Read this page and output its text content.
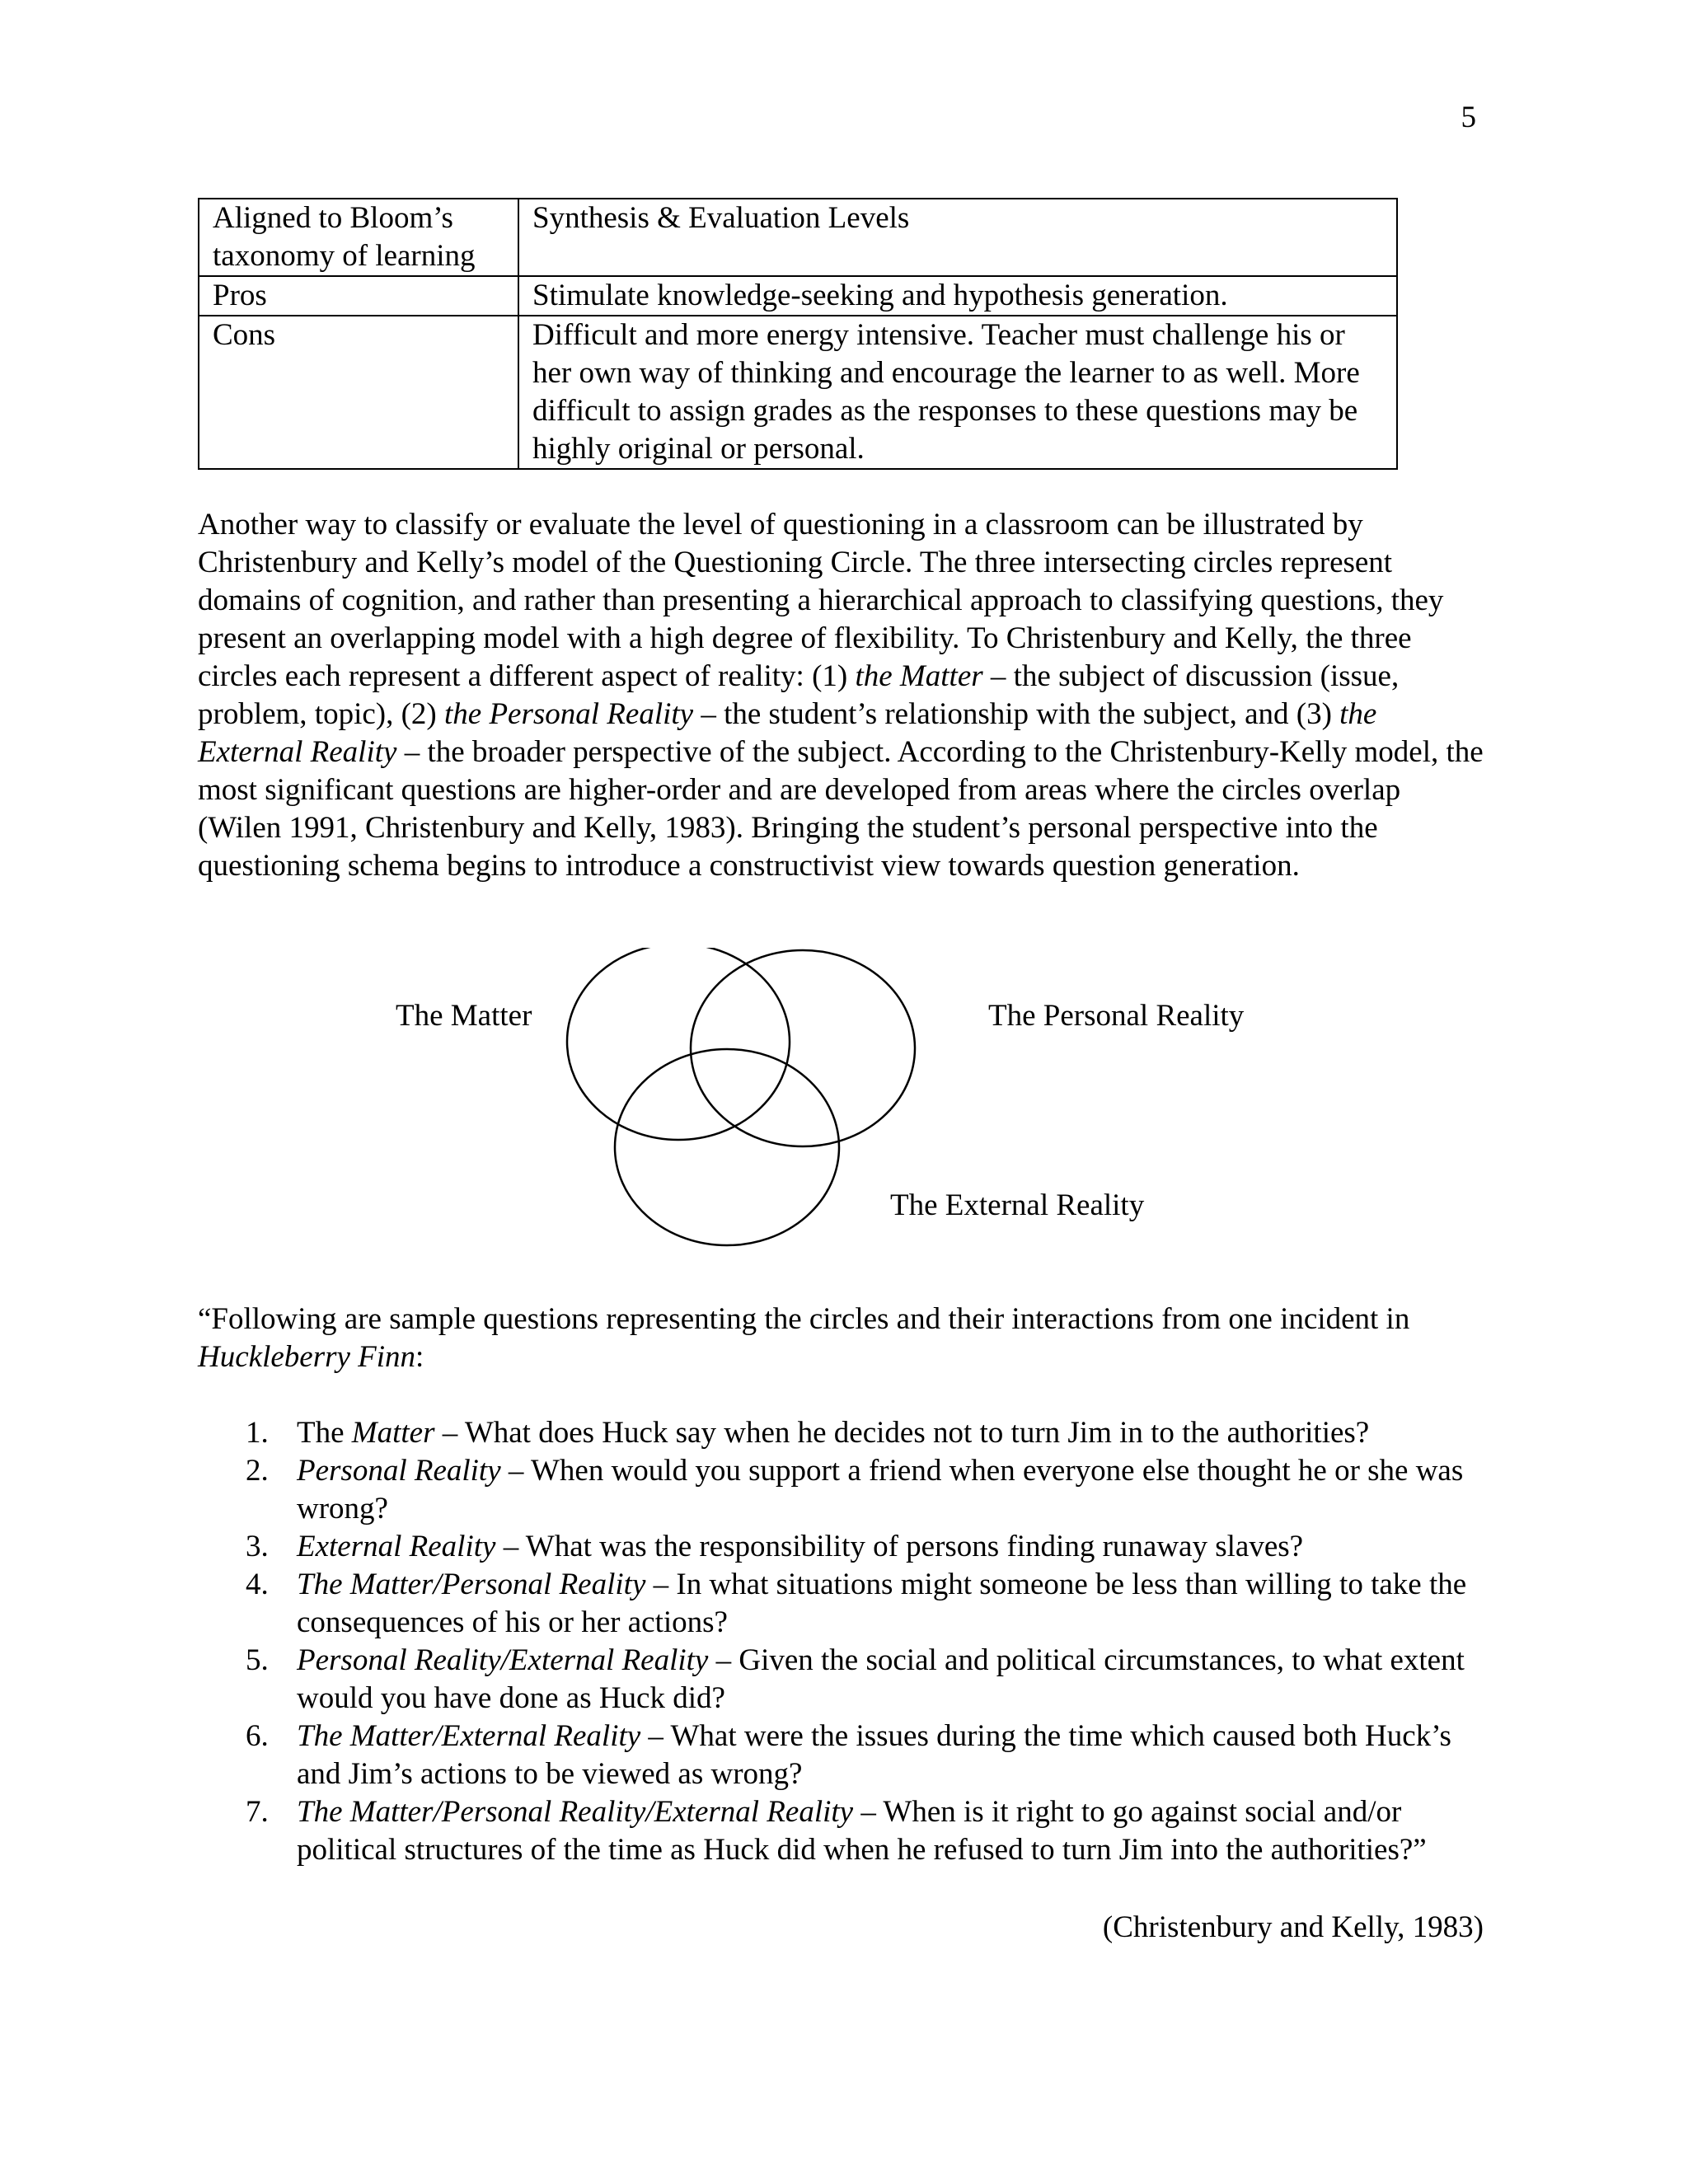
5

Aligned to Bloom’s taxonomy of learning	Synthesis & Evaluation Levels
Pros	Stimulate knowledge-seeking and hypothesis generation.
Cons	Difficult and more energy intensive. Teacher must challenge his or her own way of thinking and encourage the learner to as well. More difficult to assign grades as the responses to these questions may be highly original or personal.

Another way to classify or evaluate the level of questioning in a classroom can be illustrated by Christenbury and Kelly’s model of the Questioning Circle. The three intersecting circles represent domains of cognition, and rather than presenting a hierarchical approach to classifying questions, they present an overlapping model with a high degree of flexibility. To Christenbury and Kelly, the three circles each represent a different aspect of reality: (1) the Matter – the subject of discussion (issue, problem, topic), (2) the Personal Reality – the student’s relationship with the subject, and (3) the External Reality – the broader perspective of the subject. According to the Christenbury-Kelly model, the most significant questions are higher-order and are developed from areas where the circles overlap (Wilen 1991, Christenbury and Kelly, 1983). Bringing the student’s personal perspective into the questioning schema begins to introduce a constructivist view towards question generation.

The Matter	The Personal Reality

The External Reality

“Following are sample questions representing the circles and their interactions from one incident in Huckleberry Finn:

1. The Matter – What does Huck say when he decides not to turn Jim in to the authorities?
2. Personal Reality – When would you support a friend when everyone else thought he or she was wrong?
3. External Reality – What was the responsibility of persons finding runaway slaves?
4. The Matter/Personal Reality – In what situations might someone be less than willing to take the consequences of his or her actions?
5. Personal Reality/External Reality – Given the social and political circumstances, to what extent would you have done as Huck did?
6. The Matter/External Reality – What were the issues during the time which caused both Huck’s and Jim’s actions to be viewed as wrong?
7. The Matter/Personal Reality/External Reality – When is it right to go against social and/or political structures of the time as Huck did when he refused to turn Jim into the authorities?”

(Christenbury and Kelly, 1983)
